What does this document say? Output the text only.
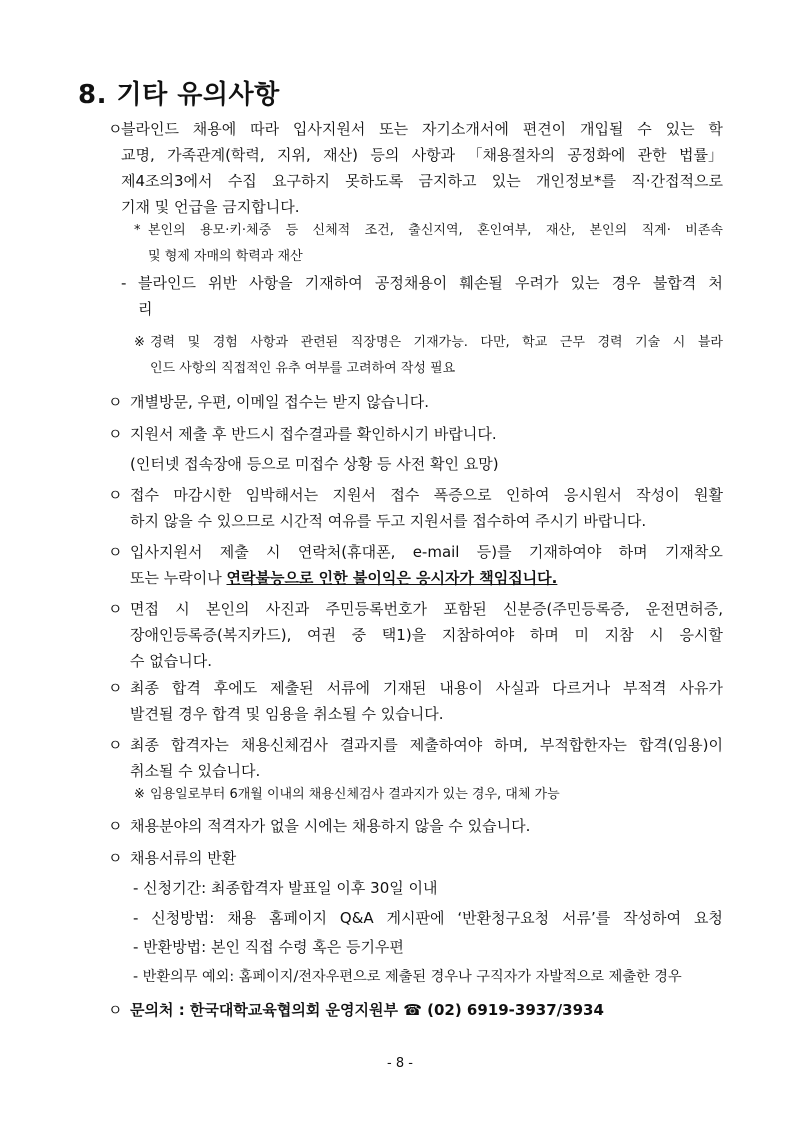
8. 기타 유의사항
ㅇ
블라인드 채용에 따라 입사지원서 또는 자기소개서에 편견이 개입될 수 있는 학
교명, 가족관계(학력, 지위, 재산) 등의 사항과 「채용절차의 공정화에 관한 법률」
제4조의3에서 수집 요구하지 못하도록 금지하고 있는 개인정보*를 직·간접적으로
기재 및 언급을 금지합니다.
* 본인의 용모·키·체중 등 신체적 조건, 출신지역, 혼인여부, 재산, 본인의 직계· 비존속
및 형제 자매의 학력과 재산
- 블라인드 위반 사항을 기재하여 공정채용이 훼손될 우려가 있는 경우 불합격 처
리
※ 경력 및 경험 사항과 관련된 직장명은 기재가능. 다만, 학교 근무 경력 기술 시 블라
인드 사항의 직접적인 유추 여부를 고려하여 작성 필요
ㅇ 개별방문, 우편, 이메일 접수는 받지 않습니다.
ㅇ 지원서 제출 후 반드시 접수결과를 확인하시기 바랍니다.
(인터넷 접속장애 등으로 미접수 상황 등 사전 확인 요망)
ㅇ 접수 마감시한 임박해서는 지원서 접수 폭증으로 인하여 응시원서 작성이 원활
하지 않을 수 있으므로 시간적 여유를 두고 지원서를 접수하여 주시기 바랍니다.
ㅇ 입사지원서 제출 시 연락처(휴대폰, e-mail 등)를 기재하여야 하며 기재착오
또는 누락이나 연락불능으로 인한 불이익은 응시자가 책임집니다.
ㅇ 면접 시 본인의 사진과 주민등록번호가 포함된 신분증(주민등록증, 운전면허증,
장애인등록증(복지카드), 여권 중 택1)을 지참하여야 하며 미 지참 시 응시할
수 없습니다.
ㅇ 최종 합격 후에도 제출된 서류에 기재된 내용이 사실과 다르거나 부적격 사유가
발견될 경우 합격 및 임용을 취소될 수 있습니다.
ㅇ 최종 합격자는 채용신체검사 결과지를 제출하여야 하며, 부적합한자는 합격(임용)이
취소될 수 있습니다.
※ 임용일로부터 6개월 이내의 채용신체검사 결과지가 있는 경우, 대체 가능
ㅇ 채용분야의 적격자가 없을 시에는 채용하지 않을 수 있습니다.
ㅇ 채용서류의 반환
- 신청기간: 최종합격자 발표일 이후 30일 이내
- 신청방법: 채용 홈페이지 Q&A 게시판에 ‘반환청구요청 서류’를 작성하여 요청
- 반환방법: 본인 직접 수령 혹은 등기우편
- 반환의무 예외: 홈페이지/전자우편으로 제출된 경우나 구직자가 자발적으로 제출한 경우
ㅇ 문의처 : 한국대학교육협의회 운영지원부 ☎ (02) 6919-3937/3934
- 8 -
